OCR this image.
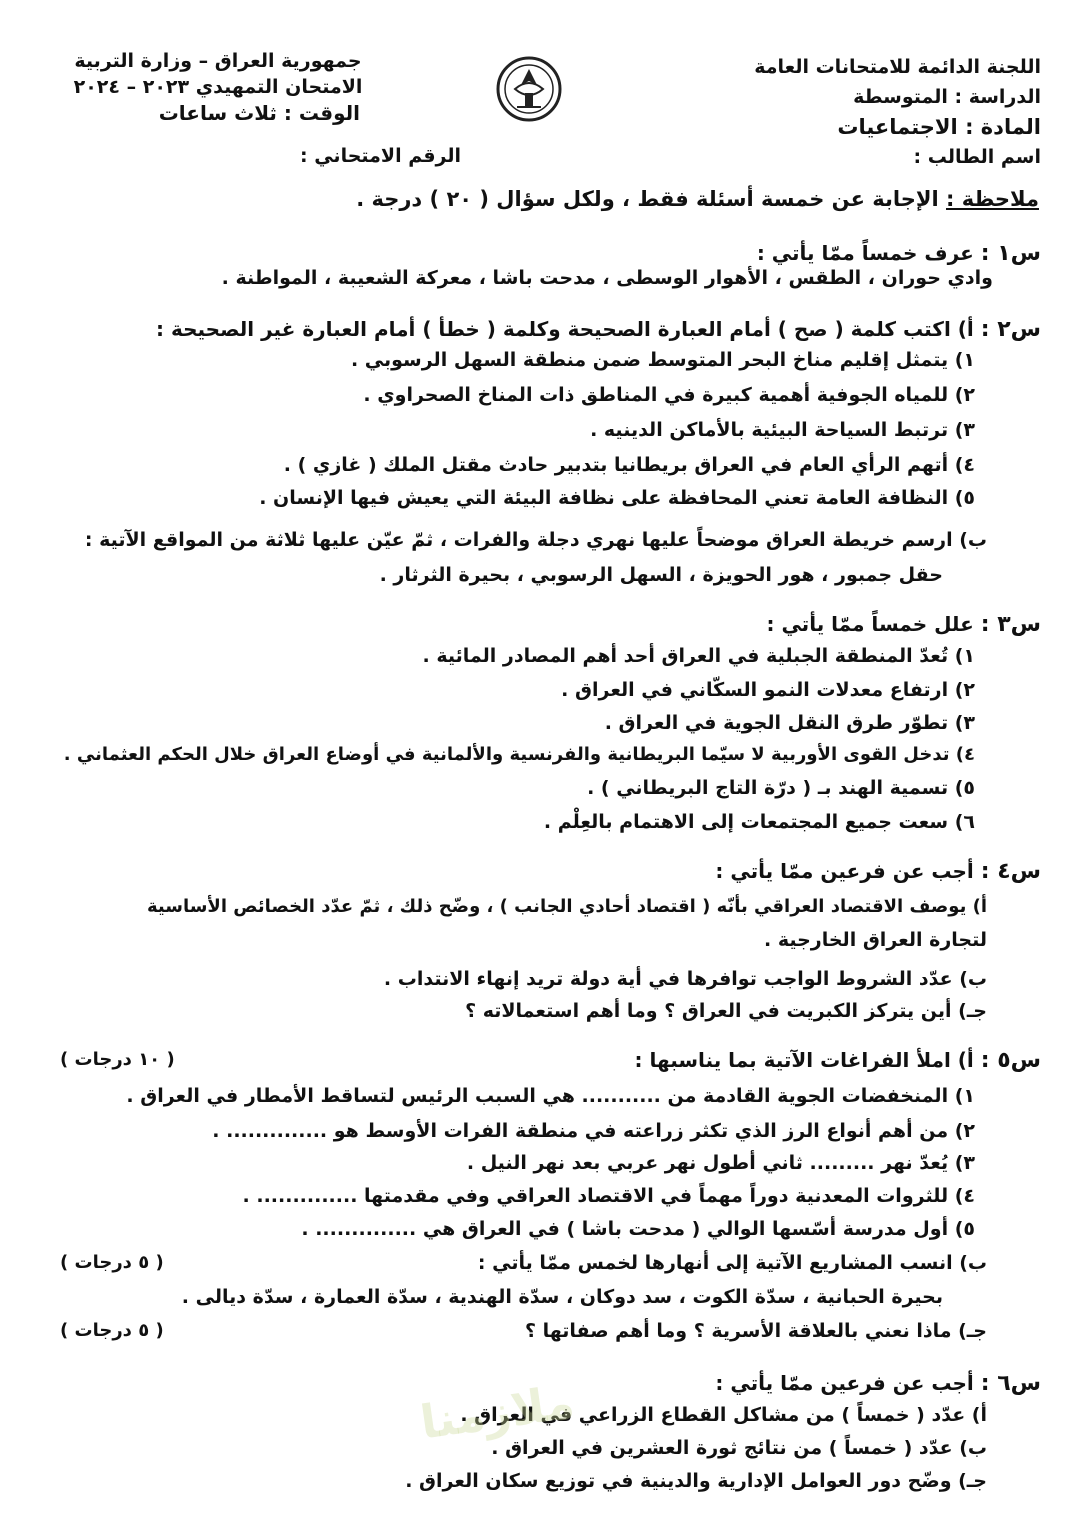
اللجنة الدائمة للامتحانات العامة
الدراسة : المتوسطة
المادة : الاجتماعيات
اسم الطالب :
جمهورية العراق – وزارة التربية
الامتحان التمهيدي ٢٠٢٣ – ٢٠٢٤
الوقت : ثلاث ساعات
الرقم الامتحاني :
ملاحظة : الإجابة عن خمسة أسئلة فقط ، ولكل سؤال ( ٢٠ ) درجة .
س١ : عرف خمساً ممّا يأتي :
وادي حوران ، الطقس ، الأهوار الوسطى ، مدحت باشا ، معركة الشعيبة ، المواطنة .
س٢ : أ) اكتب كلمة ( صح ) أمام العبارة الصحيحة وكلمة ( خطأ ) أمام العبارة غير الصحيحة :
١) يتمثل إقليم مناخ البحر المتوسط ضمن منطقة السهل الرسوبي .
٢) للمياه الجوفية أهمية كبيرة في المناطق ذات المناخ الصحراوي .
٣) ترتبط السياحة البيئية بالأماكن الدينيه .
٤) أتهم الرأي العام في العراق بريطانيا بتدبير حادث مقتل الملك ( غازي ) .
٥) النظافة العامة تعني المحافظة على نظافة البيئة التي يعيش فيها الإنسان .
ب) ارسم خريطة العراق موضحاً عليها نهري دجلة والفرات ، ثمّ عيّن عليها ثلاثة من المواقع الآتية :
حقل جمبور ، هور الحويزة ، السهل الرسوبي ، بحيرة الثرثار .
س٣ : علل خمساً ممّا يأتي :
١) تُعدّ المنطقة الجبلية في العراق أحد أهم المصادر المائية .
٢) ارتفاع معدلات النمو السكّاني في العراق .
٣) تطوّر طرق النقل الجوية في العراق .
٤) تدخل القوى الأوربية لا سيّما البريطانية والفرنسية والألمانية في أوضاع العراق خلال الحكم العثماني .
٥) تسمية الهند بـ ( درّة التاج البريطاني ) .
٦) سعت جميع المجتمعات إلى الاهتمام بالعِلْم .
س٤ : أجب عن فرعين ممّا يأتي :
أ) يوصف الاقتصاد العراقي بأنّه ( اقتصاد أحادي الجانب ) ، وضّح ذلك ، ثمّ عدّد الخصائص الأساسية
لتجارة العراق الخارجية .
ب) عدّد الشروط الواجب توافرها في أية دولة تريد إنهاء الانتداب .
جـ) أين يتركز الكبريت في العراق ؟ وما أهم استعمالاته ؟
س٥ : أ) املأ الفراغات الآتية بما يناسبها :
( ١٠ درجات )
١) المنخفضات الجوية القادمة من ........... هي السبب الرئيس لتساقط الأمطار في العراق .
٢) من أهم أنواع الرز الذي تكثر زراعته في منطقة الفرات الأوسط هو .............. .
٣) يُعدّ نهر ......... ثاني أطول نهر عربي بعد نهر النيل .
٤) للثروات المعدنية دوراً مهماً في الاقتصاد العراقي وفي مقدمتها .............. .
٥) أول مدرسة أسّسها الوالي ( مدحت باشا ) في العراق هي .............. .
ب) انسب المشاريع الآتية إلى أنهارها لخمس ممّا يأتي :
( ٥ درجات )
بحيرة الحبانية ، سدّة الكوت ، سد دوكان ، سدّة الهندية ، سدّة العمارة ، سدّة ديالى .
جـ) ماذا نعني بالعلاقة الأسرية ؟ وما أهم صفاتها ؟
( ٥ درجات )
س٦ : أجب عن فرعين ممّا يأتي :
أ) عدّد ( خمساً ) من مشاكل القطاع الزراعي في العراق .
ب) عدّد ( خمساً ) من نتائج ثورة العشرين في العراق .
جـ) وضّح دور العوامل الإدارية والدينية في توزيع سكان العراق .
ملازمنا
